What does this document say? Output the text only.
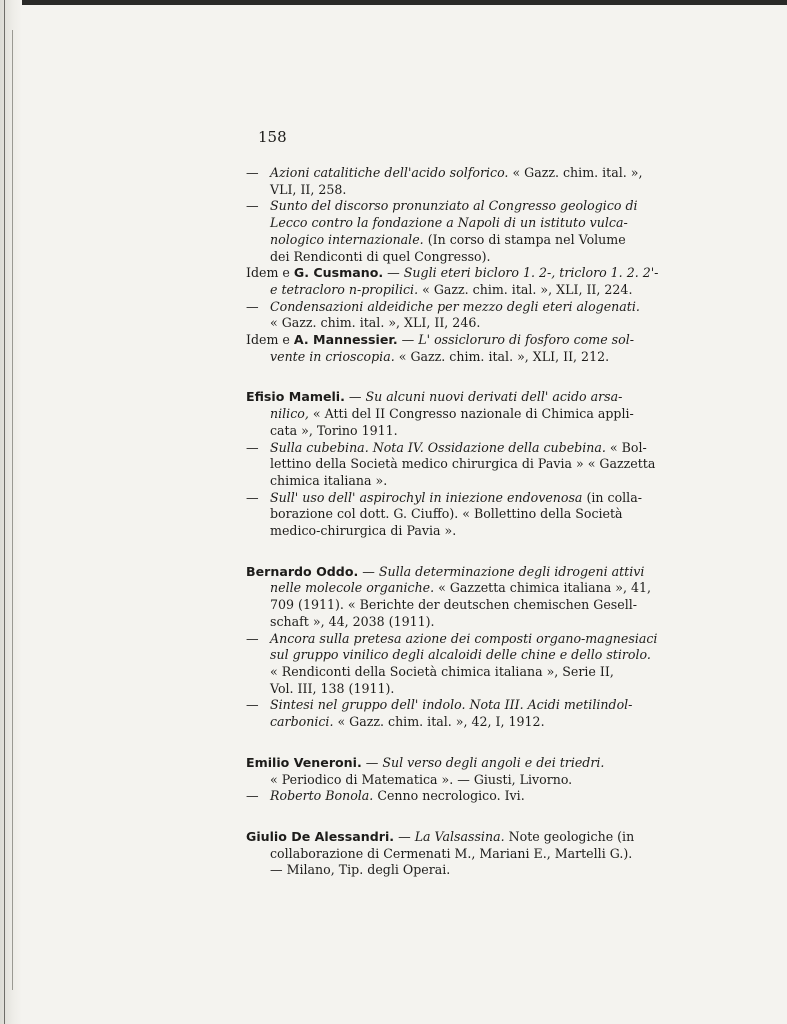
158
— Azioni catalitiche dell'acido solforico. « Gazz. chim. ital. »,
VLI, II, 258.
— Sunto del discorso pronunziato al Congresso geologico di
Lecco contro la fondazione a Napoli di un istituto vulca-
nologico internazionale. (In corso di stampa nel Volume
dei Rendiconti di quel Congresso).
Idem e G. Cusmano. — Sugli eteri bicloro 1. 2-, tricloro 1. 2. 2'-
e tetracloro n-propilici. « Gazz. chim. ital. », XLI, II, 224.
— Condensazioni aldeidiche per mezzo degli eteri alogenati.
« Gazz. chim. ital. », XLI, II, 246.
Idem e A. Mannessier. — L' ossicloruro di fosforo come sol-
vente in crioscopia. « Gazz. chim. ital. », XLI, II, 212.
Efisio Mameli. — Su alcuni nuovi derivati dell' acido arsa-
nilico, « Atti del II Congresso nazionale di Chimica appli-
cata », Torino 1911.
— Sulla cubebina. Nota IV. Ossidazione della cubebina. « Bol-
lettino della Società medico chirurgica di Pavia » « Gazzetta
chimica italiana ».
— Sull' uso dell' aspirochyl in iniezione endovenosa (in colla-
borazione col dott. G. Ciuffo). « Bollettino della Società
medico-chirurgica di Pavia ».
Bernardo Oddo. — Sulla determinazione degli idrogeni attivi
nelle molecole organiche. « Gazzetta chimica italiana », 41,
709 (1911). « Berichte der deutschen chemischen Gesell-
schaft », 44, 2038 (1911).
— Ancora sulla pretesa azione dei composti organo-magnesiaci
sul gruppo vinilico degli alcaloidi delle chine e dello stirolo.
« Rendiconti della Società chimica italiana », Serie II,
Vol. III, 138 (1911).
— Sintesi nel gruppo dell' indolo. Nota III. Acidi metilindol-
carbonici. « Gazz. chim. ital. », 42, I, 1912.
Emilio Veneroni. — Sul verso degli angoli e dei triedri.
« Periodico di Matematica ». — Giusti, Livorno.
— Roberto Bonola. Cenno necrologico. Ivi.
Giulio De Alessandri. — La Valsassina. Note geologiche (in
collaborazione di Cermenati M., Mariani E., Martelli G.).
— Milano, Tip. degli Operai.
